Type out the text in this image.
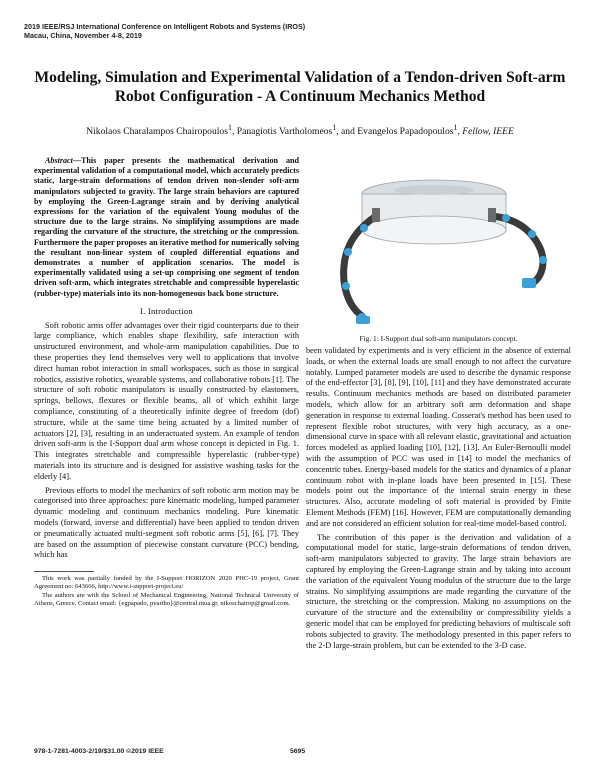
2019 IEEE/RSJ International Conference on Intelligent Robots and Systems (IROS)
Macau, China, November 4-8, 2019
Modeling, Simulation and Experimental Validation of a Tendon-driven Soft-arm Robot Configuration - A Continuum Mechanics Method
Nikolaos Charalampos Chairopoulos$^1$, Panagiotis Vartholomeos$^1$, and Evangelos Papadopoulos$^1$, Fellow, IEEE

Abstract—This paper presents the mathematical derivation and experimental validation of a computational model, which accurately predicts static, large-strain deformations of tendon driven non-slender soft-arm manipulators subjected to gravity. The large strain behaviors are captured by employing the Green-Lagrange strain and by deriving analytical expressions for the variation of the equivalent Young modulus of the structure due to the large strains. No simplifying assumptions are made regarding the curvature of the structure, the stretching or the compression. Furthermore the paper proposes an iterative method for numerically solving the resultant non-linear system of coupled differential equations and demonstrates a number of application scenarios. The model is experimentally validated using a set-up comprising one segment of tendon driven soft-arm, which integrates stretchable and compressible hyperelastic (rubber-type) materials into its non-homogeneous back bone structure.

I. Introduction

Soft robotic arms offer advantages over their rigid counterparts due to their large compliance, which enables shape flexibility, safe interaction with unstructured environment, and whole-arm manipulation capabilities. Due to these properties they lend themselves very well to applications that involve direct human robot interaction in small workspaces, such as those in surgical robotics, assistive robotics, wearable systems, and collaborative robots [1]. The structure of soft robotic manipulators is usually constructed by elastomers, springs, bellows, flexures or flexible beams, all of which exhibit large compliance, constituting of a theoretically infinite degree of freedom (dof) structure, while at the same time being actuated by a limited number of actuators [2], [3], resulting in an underactuated system. An example of tendon driven soft-arm is the I-Support dual arm whose concept is depicted in Fig. 1. This integrates stretchable and compressible hyperelastic (rubber-type) materials into its structure and is designed for assistive washing tasks for the elderly [4].

Previous efforts to model the mechanics of soft robotic arm motion may be categorised into three approaches: pure kinematic modeling, lumped parameter dynamic modeling and continuum mechanics modeling. Pure kinematic models (forward, inverse and differential) have been applied to tendon driven or pneumatically actuated multi-segment soft robotic arms [5], [6], [7]. They are based on the assumption of piecewise constant curvature (PCC) bending, which has

This work was partially funded by the I-Support HORIZON 2020 PHC-19 project, Grant Agreement no: 643666, http://www.i-support-project.eu/

The authors are with the School of Mechanical Engineering, National Technical University of Athens, Greece. Contact email: {egpapado, pvartho}@central.ntua.gr, nikoschairop@gmail.com.

Fig. 1: I-Support dual soft-arm manipulators concept.

been validated by experiments and is very efficient in the absence of external loads, or when the external loads are small enough to not affect the curvature notably. Lumped parameter models are used to describe the dynamic response of the end-effector [3], [8], [9], [10], [11] and they have demonstrated accurate results. Continuum mechanics methods are based on distributed parameter models, which allow for an arbitrary soft arm deformation and shape generation in response to external loading. Cosserat's method has been used to represent flexible robot structures, with very high accuracy, as a one-dimensional curve in space with all relevant elastic, gravitational and actuation forces modeled as applied loading [10], [12], [13]. An Euler-Bernoulli model with the assumption of PCC was used in [14] to model the mechanics of concentric tubes. Energy-based models for the statics and dynamics of a planar continuum robot with in-plane loads have been presented in [15]. These models point out the importance of the internal strain energy in these structures. Also, accurate modeling of soft material is provided by Finite Element Methods (FEM) [16]. However, FEM are computationally demanding and are not considered an efficient solution for real-time model-based control.

The contribution of this paper is the derivation and validation of a computational model for static, large-strain deformations of tendon driven, soft-arm manipulators subjected to gravity. The large strain behaviors are captured by employing the Green-Lagrange strain and by taking into account the variation of the equivalent Young modulus of the structure due to the large strains. No simplifying assumptions are made regarding the curvature of the structure, the stretching or the compression. Making no assumptions on the curvature of the structure and the extensibility or compressibility yields a generic model that can be employed for predicting behaviors of multiscale soft robots subjected to gravity. The methodology presented in this paper refers to the 2-D large-strain problem, but can be extended to the 3-D case.

978-1-7281-4003-2/19/$31.00 ©2019 IEEE	5695
